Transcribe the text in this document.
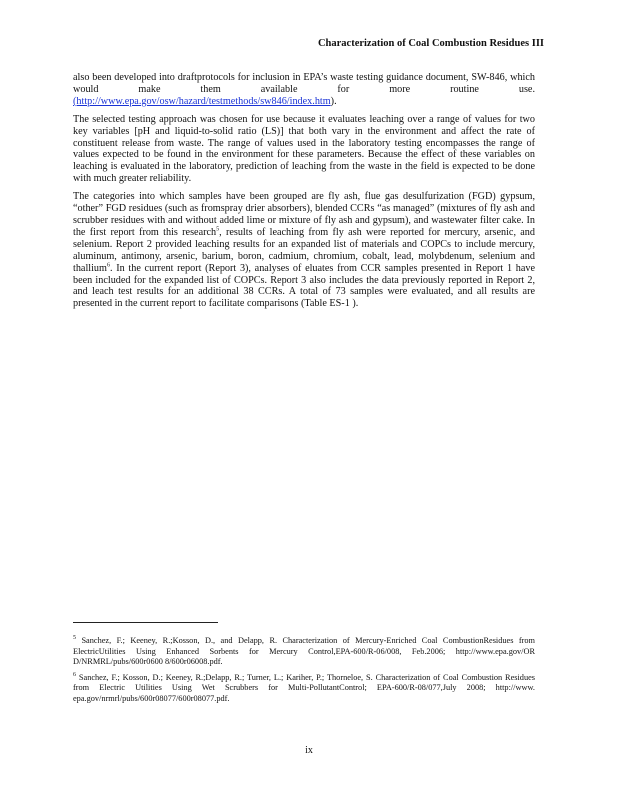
Characterization of Coal Combustion Residues III

also been developed into draftprotocols for inclusion in EPA’s waste testing guidance document, SW-846, which would make them available for more routine use. (http://www.epa.gov/osw/hazard/testmethods/sw846/index.htm).

The selected testing approach was chosen for use because it evaluates leaching over a range of values for two key variables [pH and liquid-to-solid ratio (LS)] that both vary in the environment and affect the rate of constituent release from waste. The range of values used in the laboratory testing encompasses the range of values expected to be found in the environment for these parameters. Because the effect of these variables on leaching is evaluated in the laboratory, prediction of leaching from the waste in the field is expected to be done with much greater reliability.

The categories into which samples have been grouped are fly ash, flue gas desulfurization (FGD) gypsum, “other” FGD residues (such as fromspray drier absorbers), blended CCRs “as managed” (mixtures of fly ash and scrubber residues with and without added lime or mixture of fly ash and gypsum), and wastewater filter cake. In the first report from this research$^5$, results of leaching from fly ash were reported for mercury, arsenic, and selenium. Report 2 provided leaching results for an expanded list of materials and COPCs to include mercury, aluminum, antimony, arsenic, barium, boron, cadmium, chromium, cobalt, lead, molybdenum, selenium and thallium$^6$. In the current report (Report 3), analyses of eluates from CCR samples presented in Report 1 have been included for the expanded list of COPCs. Report 3 also includes the data previously reported in Report 2, and leach test results for an additional 38 CCRs. A total of 73 samples were evaluated, and all results are presented in the current report to facilitate comparisons (Table ES-1 ).

$^5$ Sanchez, F.; Keeney, R.;Kosson, D., and Delapp, R. Characterization of Mercury-Enriched Coal CombustionResidues from ElectricUtilities Using Enhanced Sorbents for Mercury Control,EPA-600/R-06/008, Feb.2006; http://www.epa.gov/OR D/NRMRL/pubs/600r0600 8/600r06008.pdf.

$^6$ Sanchez, F.; Kosson, D.; Keeney, R.;Delapp, R.; Turner, L.; Kariher, P.; Thorneloe, S. Characterization of Coal Combustion Residues from Electric Utilities Using Wet Scrubbers for Multi-PollutantControl; EPA-600/R-08/077,July 2008; http://www. epa.gov/nrmrl/pubs/600r08077/600r08077.pdf.

ix
